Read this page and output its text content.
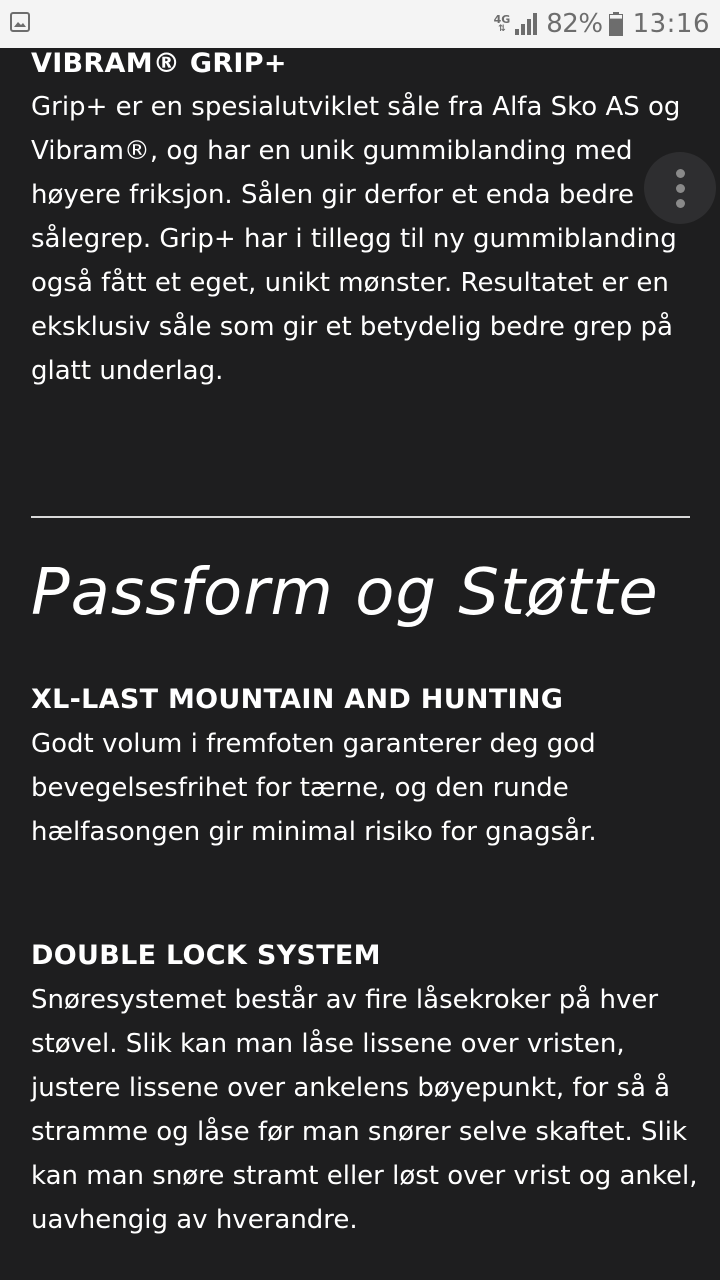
4G
⇅ 82% 13:16
VIBRAM® GRIP+

Grip+ er en spesialutviklet såle fra Alfa Sko AS og Vibram®, og har en unik gummiblanding med høyere friksjon. Sålen gir derfor et enda bedre sålegrep. Grip+ har i tillegg til ny gummiblanding også fått et eget, unikt mønster. Resultatet er en eksklusiv såle som gir et betydelig bedre grep på glatt underlag.

Passform og Støtte
XL-LAST MOUNTAIN AND HUNTING

Godt volum i fremfoten garanterer deg god bevegelsesfrihet for tærne, og den runde hælfasongen gir minimal risiko for gnagsår.

DOUBLE LOCK SYSTEM

Snøresystemet består av fire låsekroker på hver støvel. Slik kan man låse lissene over vristen, justere lissene over ankelens bøyepunkt, for så å stramme og låse før man snører selve skaftet. Slik kan man snøre stramt eller løst over vrist og ankel, uavhengig av hverandre.
